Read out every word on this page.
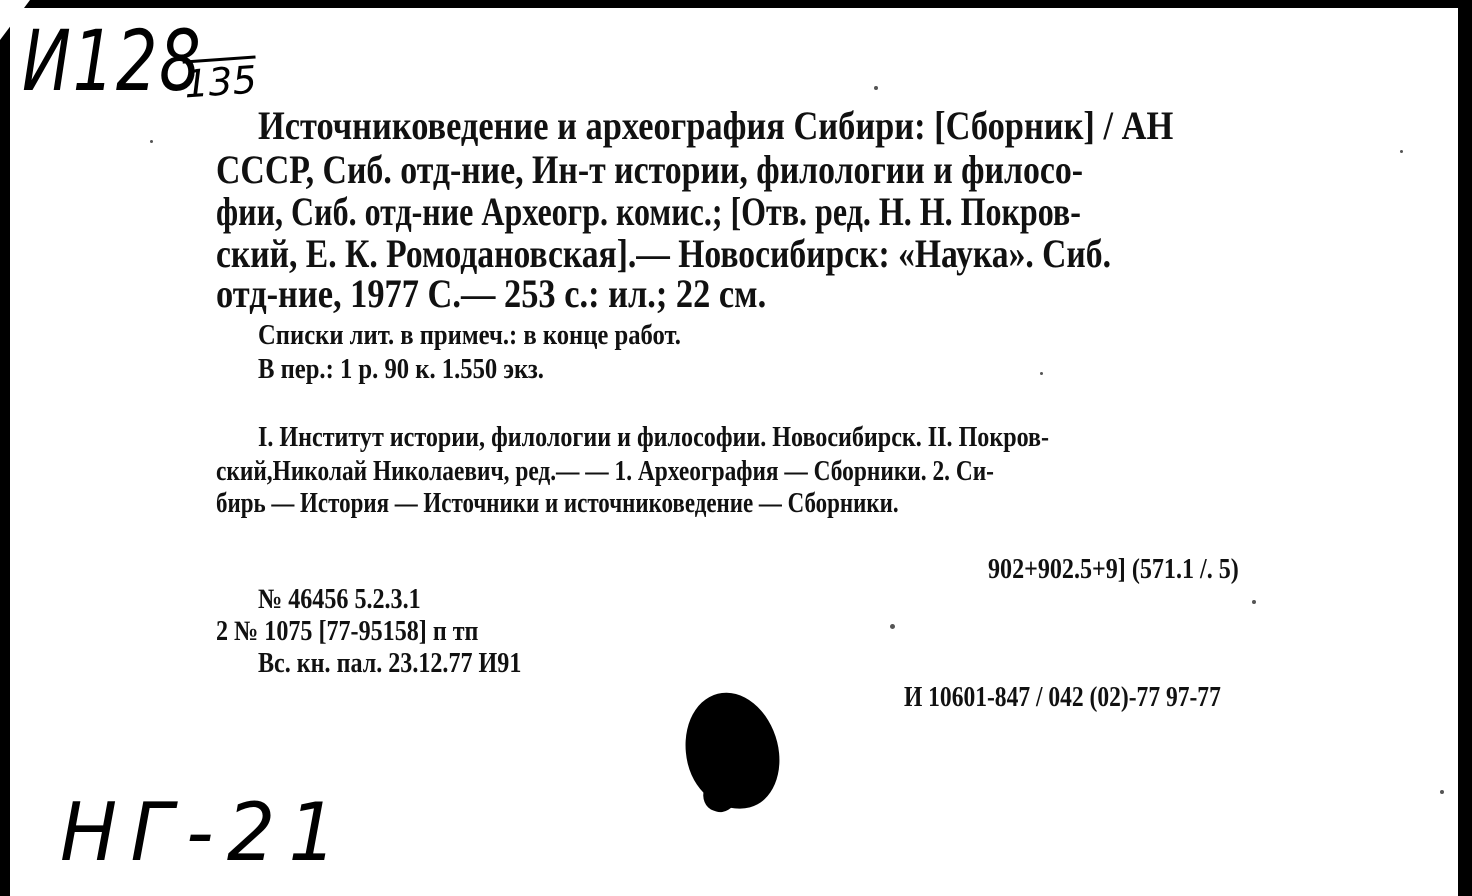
И128
135
НГ-21
Источниковедение и археография Сибири: [Сборник] / АН
СССР, Сиб. отд-ние, Ин-т истории, филологии и филосо-
фии, Сиб. отд-ние Археогр. комис.; [Отв. ред. Н. Н. Покров-
ский, Е. К. Ромодановская].— Новосибирск: «Наука». Сиб.
отд-ние, 1977 С.— 253 с.: ил.; 22 см.
Списки лит. в примеч.: в конце работ.
В пер.: 1 р. 90 к. 1.550 экз.
I. Институт истории, филологии и философии. Новосибирск. II. Покров-
ский,Николай Николаевич, ред.— — 1. Археография — Сборники. 2. Си-
бирь — История — Источники и источниковедение — Сборники.
902+902.5+9] (571.1 /. 5)
№ 46456 5.2.3.1
2 № 1075 [77-95158] п тп
Вс. кн. пал. 23.12.77 И91
И 10601-847 / 042 (02)-77 97-77
